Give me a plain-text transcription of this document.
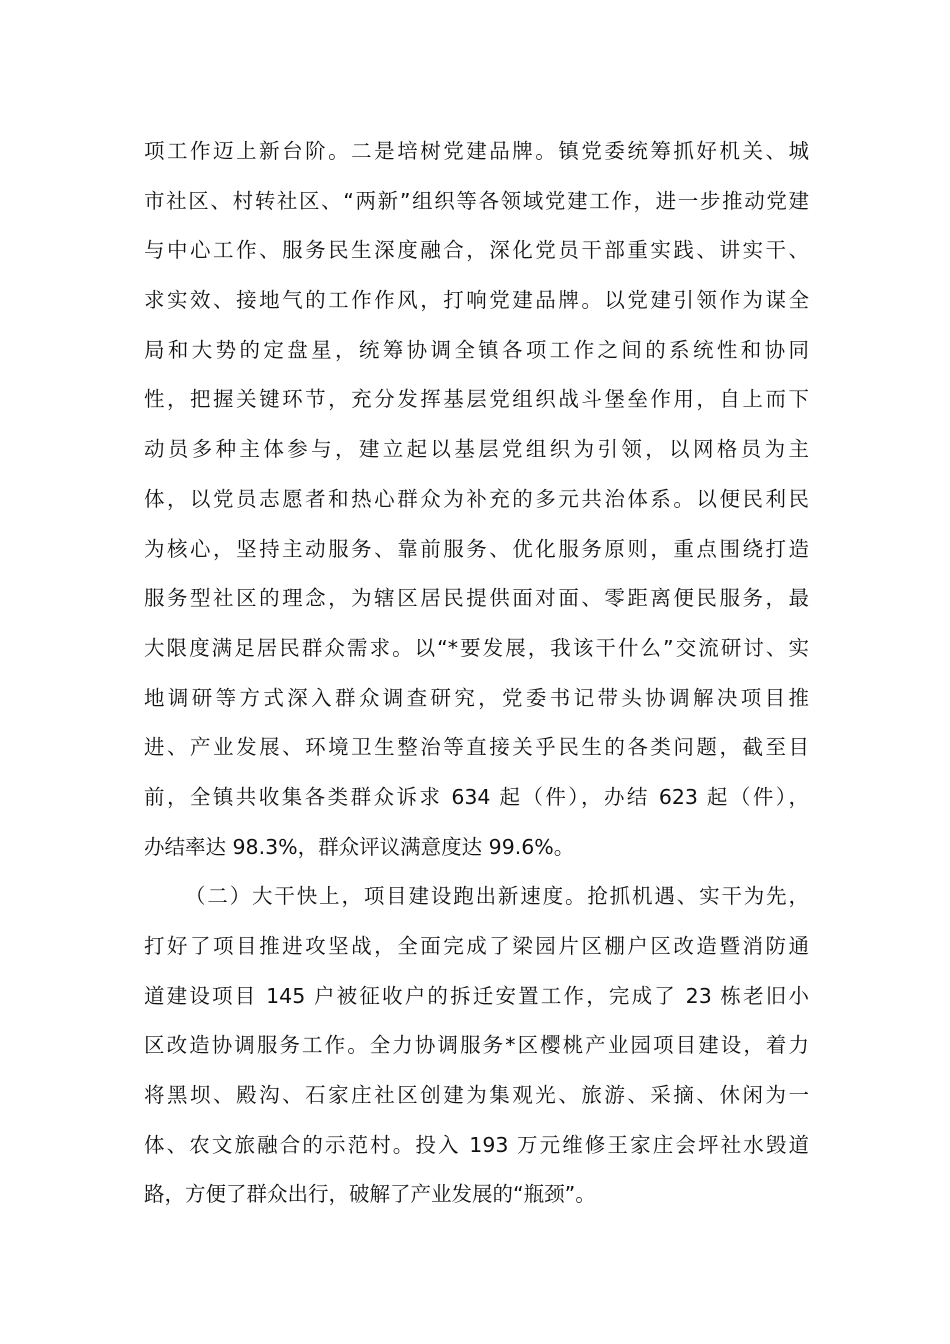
项工作迈上新台阶。二是培树党建品牌。镇党委统筹抓好机关、城
市社区、村转社区、“两新”组织等各领域党建工作，进一步推动党建
与中心工作、服务民生深度融合，深化党员干部重实践、讲实干、
求实效、接地气的工作作风，打响党建品牌。以党建引领作为谋全
局和大势的定盘星，统筹协调全镇各项工作之间的系统性和协同
性，把握关键环节，充分发挥基层党组织战斗堡垒作用，自上而下
动员多种主体参与，建立起以基层党组织为引领，以网格员为主
体，以党员志愿者和热心群众为补充的多元共治体系。以便民利民
为核心，坚持主动服务、靠前服务、优化服务原则，重点围绕打造
服务型社区的理念，为辖区居民提供面对面、零距离便民服务，最
大限度满足居民群众需求。以“*要发展，我该干什么”交流研讨、实
地调研等方式深入群众调查研究，党委书记带头协调解决项目推
进、产业发展、环境卫生整治等直接关乎民生的各类问题，截至目
前，全镇共收集各类群众诉求 634 起（件），办结 623 起（件），
办结率达 98.3%，群众评议满意度达 99.6%。
（二）大干快上，项目建设跑出新速度。抢抓机遇、实干为先，
打好了项目推进攻坚战，全面完成了梁园片区棚户区改造暨消防通
道建设项目 145 户被征收户的拆迁安置工作，完成了 23 栋老旧小
区改造协调服务工作。全力协调服务*区樱桃产业园项目建设，着力
将黑坝、殿沟、石家庄社区创建为集观光、旅游、采摘、休闲为一
体、农文旅融合的示范村。投入 193 万元维修王家庄会坪社水毁道
路，方便了群众出行，破解了产业发展的“瓶颈”。
